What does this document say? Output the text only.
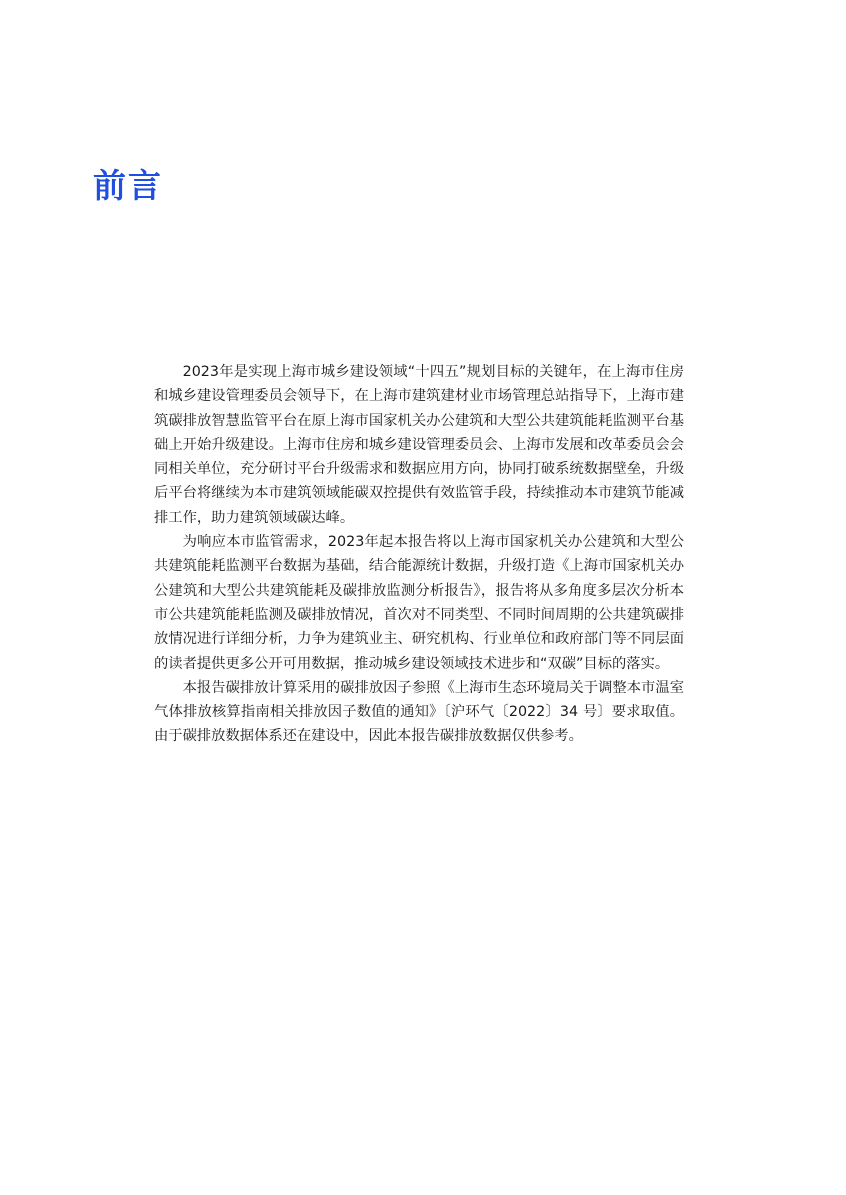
前言

2023年是实现上海市城乡建设领域“十四五”规划目标的关键年，在上海市住房和城乡建设管理委员会领导下，在上海市建筑建材业市场管理总站指导下，上海市建筑碳排放智慧监管平台在原上海市国家机关办公建筑和大型公共建筑能耗监测平台基础上开始升级建设。上海市住房和城乡建设管理委员会、上海市发展和改革委员会会同相关单位，充分研讨平台升级需求和数据应用方向，协同打破系统数据壁垒，升级后平台将继续为本市建筑领域能碳双控提供有效监管手段，持续推动本市建筑节能减排工作，助力建筑领域碳达峰。

为响应本市监管需求，2023年起本报告将以上海市国家机关办公建筑和大型公共建筑能耗监测平台数据为基础，结合能源统计数据，升级打造《上海市国家机关办公建筑和大型公共建筑能耗及碳排放监测分析报告》，报告将从多角度多层次分析本市公共建筑能耗监测及碳排放情况，首次对不同类型、不同时间周期的公共建筑碳排放情况进行详细分析，力争为建筑业主、研究机构、行业单位和政府部门等不同层面的读者提供更多公开可用数据，推动城乡建设领域技术进步和“双碳”目标的落实。

本报告碳排放计算采用的碳排放因子参照《上海市生态环境局关于调整本市温室气体排放核算指南相关排放因子数值的通知》〔沪环气〔2022〕34 号〕要求取值。由于碳排放数据体系还在建设中，因此本报告碳排放数据仅供参考。
